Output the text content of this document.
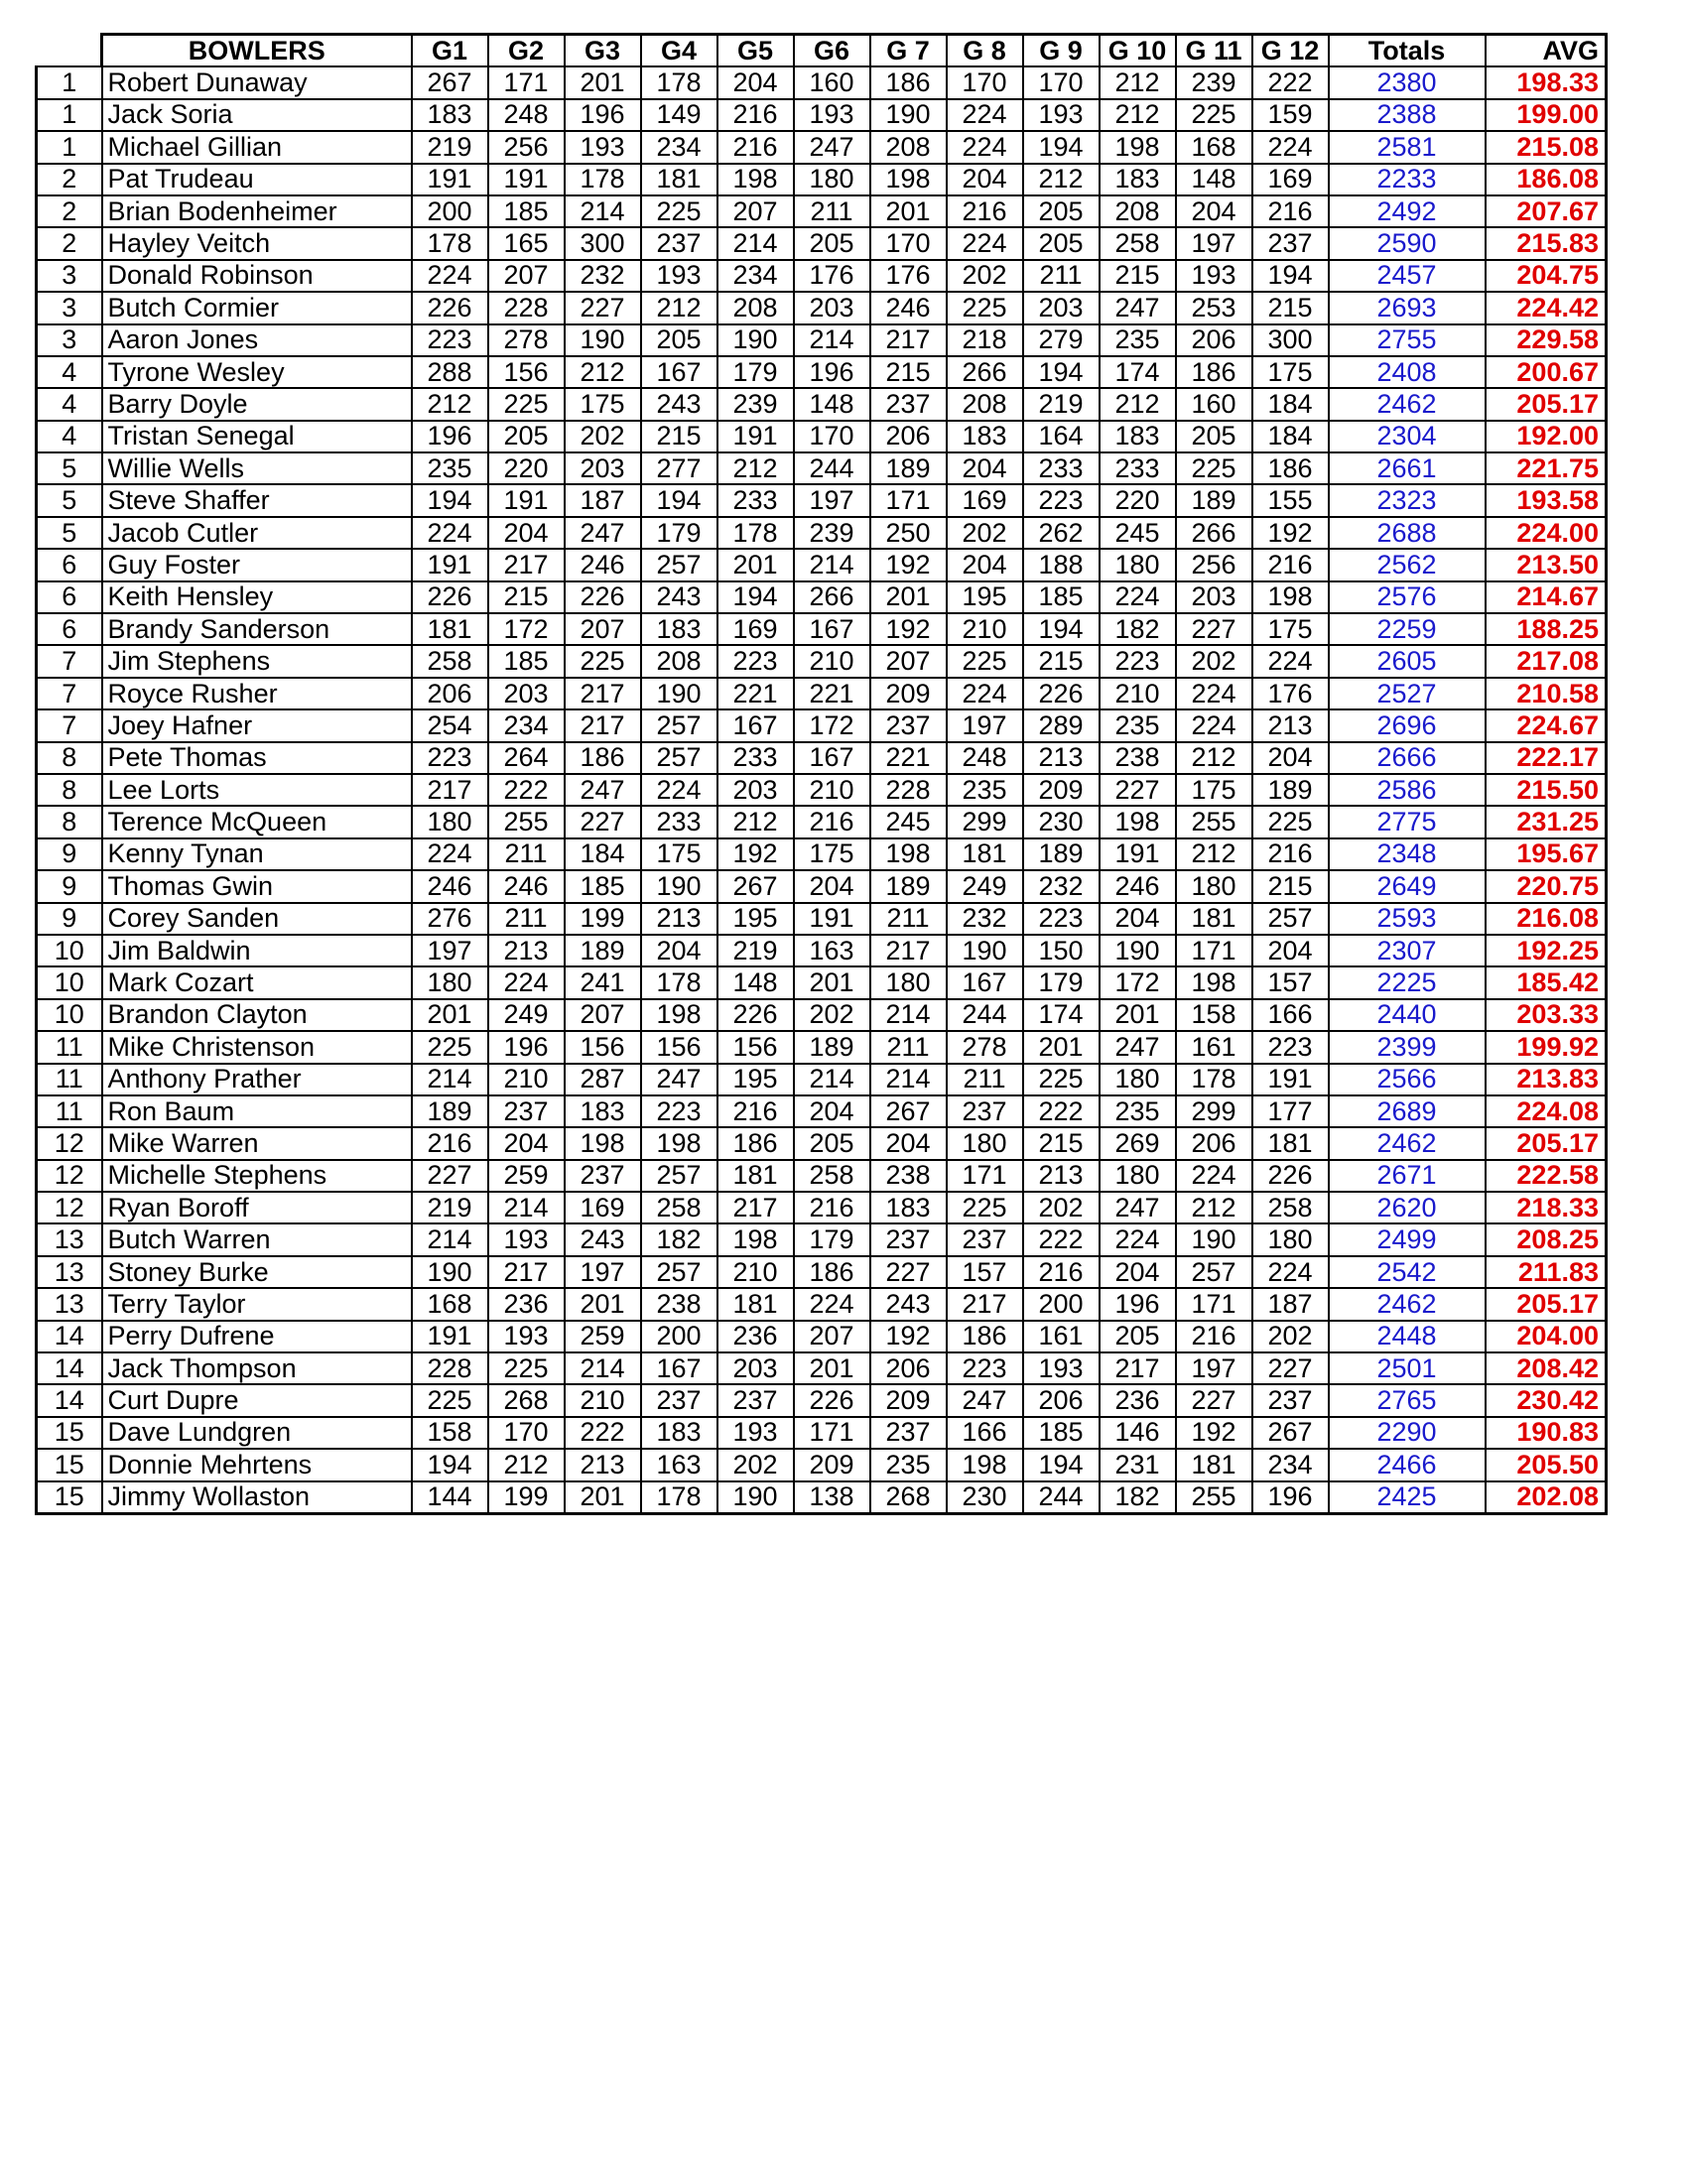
	BOWLERS	G1	G2	G3	G4	G5	G6	G 7	G 8	G 9	G 10	G 11	G 12	Totals	AVG
1	Robert Dunaway	267	171	201	178	204	160	186	170	170	212	239	222	2380	198.33
1	Jack Soria	183	248	196	149	216	193	190	224	193	212	225	159	2388	199.00
1	Michael Gillian	219	256	193	234	216	247	208	224	194	198	168	224	2581	215.08
2	Pat Trudeau	191	191	178	181	198	180	198	204	212	183	148	169	2233	186.08
2	Brian Bodenheimer	200	185	214	225	207	211	201	216	205	208	204	216	2492	207.67
2	Hayley Veitch	178	165	300	237	214	205	170	224	205	258	197	237	2590	215.83
3	Donald Robinson	224	207	232	193	234	176	176	202	211	215	193	194	2457	204.75
3	Butch Cormier	226	228	227	212	208	203	246	225	203	247	253	215	2693	224.42
3	Aaron Jones	223	278	190	205	190	214	217	218	279	235	206	300	2755	229.58
4	Tyrone Wesley	288	156	212	167	179	196	215	266	194	174	186	175	2408	200.67
4	Barry Doyle	212	225	175	243	239	148	237	208	219	212	160	184	2462	205.17
4	Tristan Senegal	196	205	202	215	191	170	206	183	164	183	205	184	2304	192.00
5	Willie Wells	235	220	203	277	212	244	189	204	233	233	225	186	2661	221.75
5	Steve Shaffer	194	191	187	194	233	197	171	169	223	220	189	155	2323	193.58
5	Jacob Cutler	224	204	247	179	178	239	250	202	262	245	266	192	2688	224.00
6	Guy Foster	191	217	246	257	201	214	192	204	188	180	256	216	2562	213.50
6	Keith Hensley	226	215	226	243	194	266	201	195	185	224	203	198	2576	214.67
6	Brandy Sanderson	181	172	207	183	169	167	192	210	194	182	227	175	2259	188.25
7	Jim Stephens	258	185	225	208	223	210	207	225	215	223	202	224	2605	217.08
7	Royce Rusher	206	203	217	190	221	221	209	224	226	210	224	176	2527	210.58
7	Joey Hafner	254	234	217	257	167	172	237	197	289	235	224	213	2696	224.67
8	Pete Thomas	223	264	186	257	233	167	221	248	213	238	212	204	2666	222.17
8	Lee Lorts	217	222	247	224	203	210	228	235	209	227	175	189	2586	215.50
8	Terence McQueen	180	255	227	233	212	216	245	299	230	198	255	225	2775	231.25
9	Kenny Tynan	224	211	184	175	192	175	198	181	189	191	212	216	2348	195.67
9	Thomas Gwin	246	246	185	190	267	204	189	249	232	246	180	215	2649	220.75
9	Corey Sanden	276	211	199	213	195	191	211	232	223	204	181	257	2593	216.08
10	Jim Baldwin	197	213	189	204	219	163	217	190	150	190	171	204	2307	192.25
10	Mark Cozart	180	224	241	178	148	201	180	167	179	172	198	157	2225	185.42
10	Brandon Clayton	201	249	207	198	226	202	214	244	174	201	158	166	2440	203.33
11	Mike Christenson	225	196	156	156	156	189	211	278	201	247	161	223	2399	199.92
11	Anthony Prather	214	210	287	247	195	214	214	211	225	180	178	191	2566	213.83
11	Ron Baum	189	237	183	223	216	204	267	237	222	235	299	177	2689	224.08
12	Mike Warren	216	204	198	198	186	205	204	180	215	269	206	181	2462	205.17
12	Michelle Stephens	227	259	237	257	181	258	238	171	213	180	224	226	2671	222.58
12	Ryan Boroff	219	214	169	258	217	216	183	225	202	247	212	258	2620	218.33
13	Butch Warren	214	193	243	182	198	179	237	237	222	224	190	180	2499	208.25
13	Stoney Burke	190	217	197	257	210	186	227	157	216	204	257	224	2542	211.83
13	Terry Taylor	168	236	201	238	181	224	243	217	200	196	171	187	2462	205.17
14	Perry Dufrene	191	193	259	200	236	207	192	186	161	205	216	202	2448	204.00
14	Jack Thompson	228	225	214	167	203	201	206	223	193	217	197	227	2501	208.42
14	Curt Dupre	225	268	210	237	237	226	209	247	206	236	227	237	2765	230.42
15	Dave Lundgren	158	170	222	183	193	171	237	166	185	146	192	267	2290	190.83
15	Donnie Mehrtens	194	212	213	163	202	209	235	198	194	231	181	234	2466	205.50
15	Jimmy Wollaston	144	199	201	178	190	138	268	230	244	182	255	196	2425	202.08
